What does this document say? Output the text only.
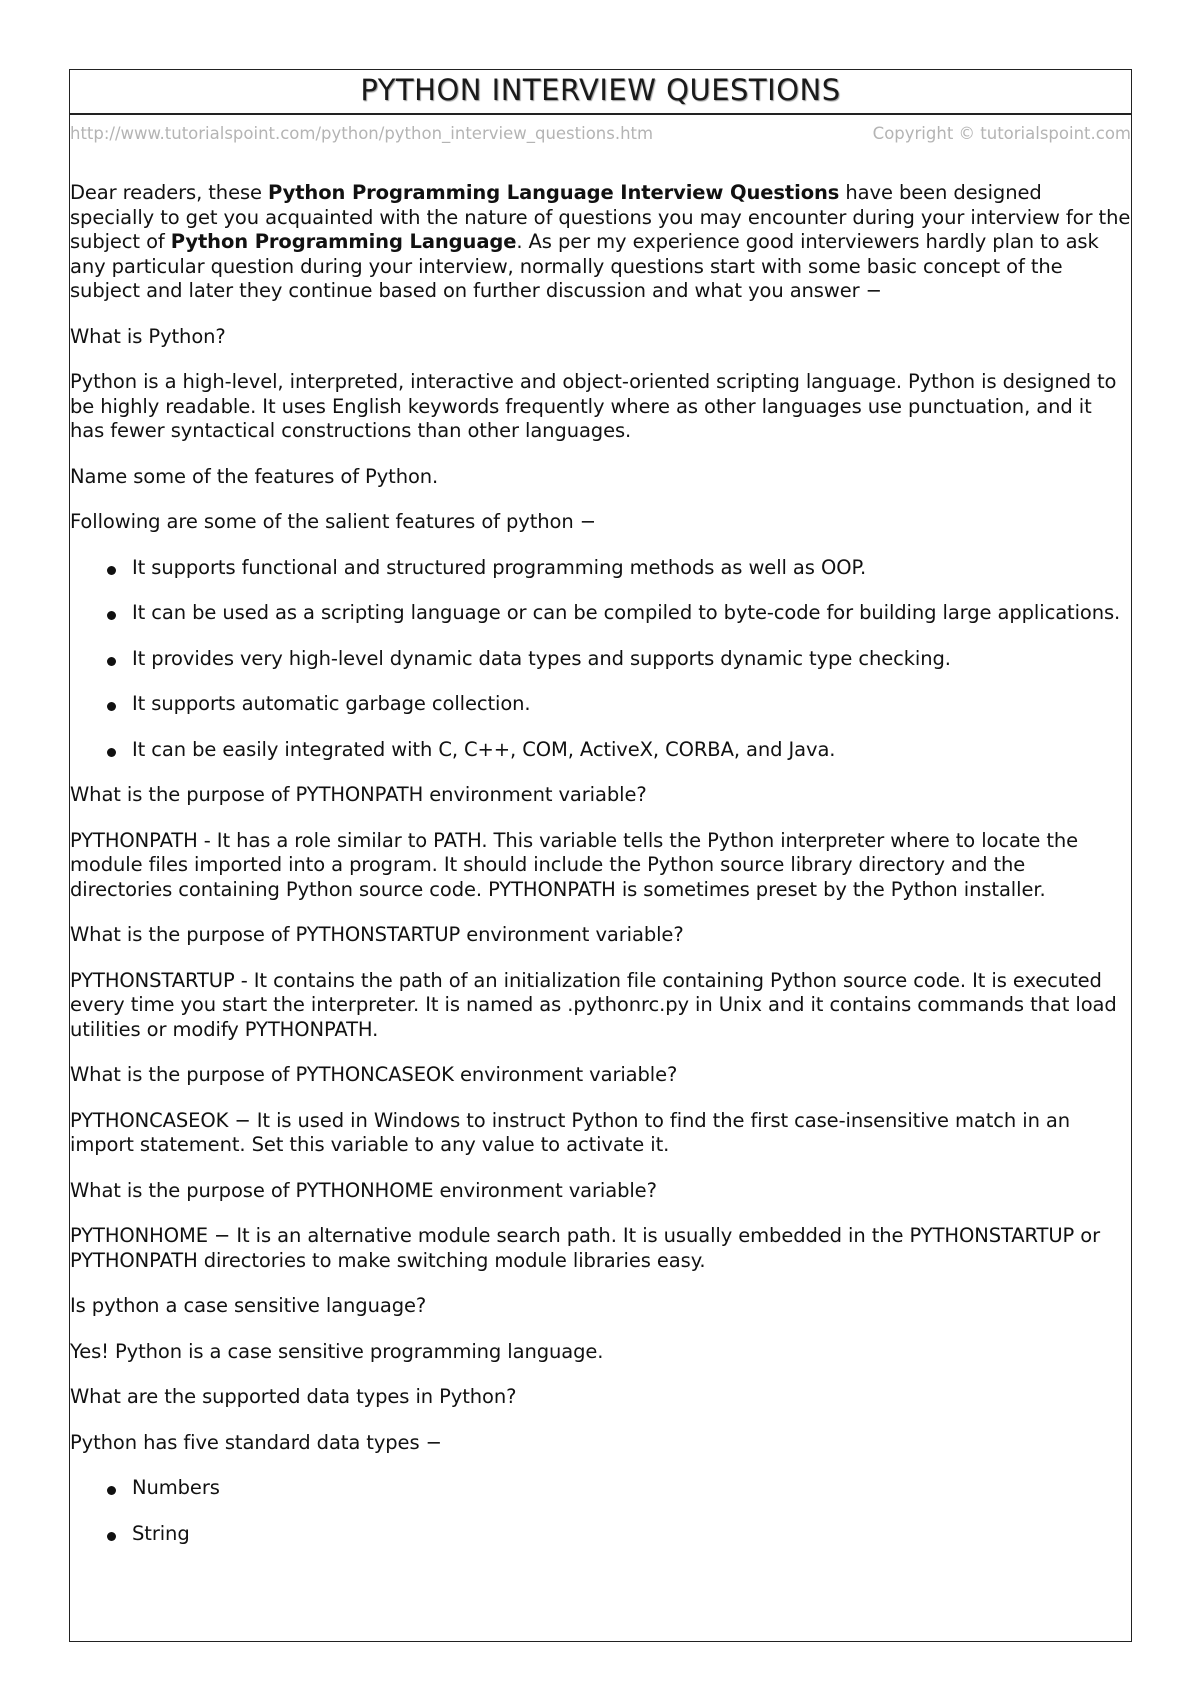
PYTHON INTERVIEW QUESTIONS
http://www.tutorialspoint.com/python/python_interview_questions.htm	Copyright © tutorialspoint.com

Dear readers, these Python Programming Language Interview Questions have been designed specially to get you acquainted with the nature of questions you may encounter during your interview for the subject of Python Programming Language. As per my experience good interviewers hardly plan to ask any particular question during your interview, normally questions start with some basic concept of the subject and later they continue based on further discussion and what you answer −

What is Python?

Python is a high-level, interpreted, interactive and object-oriented scripting language. Python is designed to be highly readable. It uses English keywords frequently where as other languages use punctuation, and it has fewer syntactical constructions than other languages.

Name some of the features of Python.

Following are some of the salient features of python −

It supports functional and structured programming methods as well as OOP.
It can be used as a scripting language or can be compiled to byte-code for building large applications.
It provides very high-level dynamic data types and supports dynamic type checking.
It supports automatic garbage collection.
It can be easily integrated with C, C++, COM, ActiveX, CORBA, and Java.

What is the purpose of PYTHONPATH environment variable?

PYTHONPATH - It has a role similar to PATH. This variable tells the Python interpreter where to locate the module files imported into a program. It should include the Python source library directory and the directories containing Python source code. PYTHONPATH is sometimes preset by the Python installer.

What is the purpose of PYTHONSTARTUP environment variable?

PYTHONSTARTUP - It contains the path of an initialization file containing Python source code. It is executed every time you start the interpreter. It is named as .pythonrc.py in Unix and it contains commands that load utilities or modify PYTHONPATH.

What is the purpose of PYTHONCASEOK environment variable?

PYTHONCASEOK − It is used in Windows to instruct Python to find the first case-insensitive match in an import statement. Set this variable to any value to activate it.

What is the purpose of PYTHONHOME environment variable?

PYTHONHOME − It is an alternative module search path. It is usually embedded in the PYTHONSTARTUP or PYTHONPATH directories to make switching module libraries easy.

Is python a case sensitive language?

Yes! Python is a case sensitive programming language.

What are the supported data types in Python?

Python has five standard data types −

Numbers
String
